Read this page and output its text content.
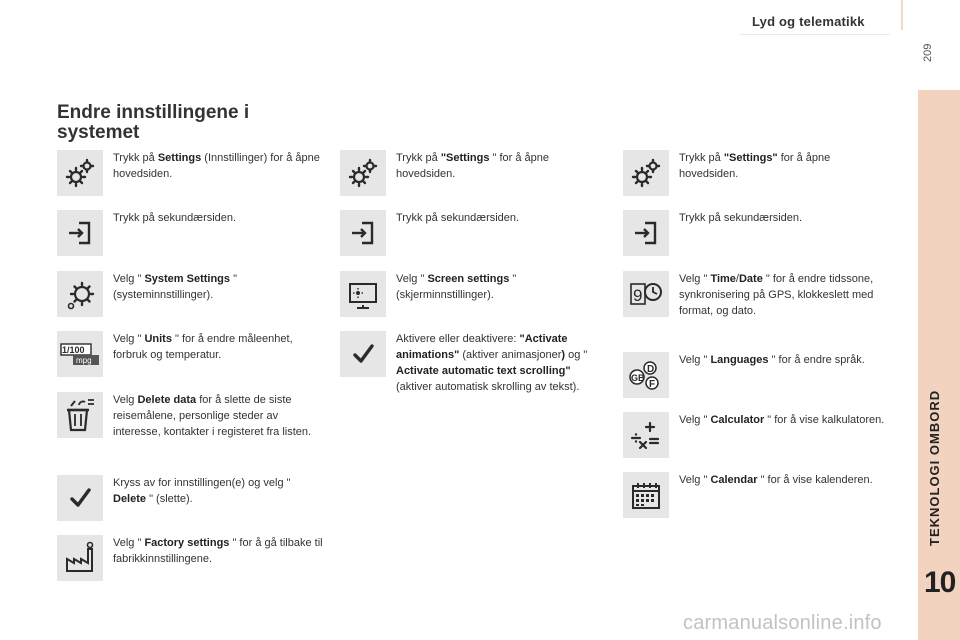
Lyd og telematikk
209
TEKNOLOGI OMBORD
10
Endre innstillingene i systemet
Trykk på Settings (Innstillinger) for å åpne hovedsiden.
Trykk på sekundærsiden.
Velg " System Settings " (systeminnstillinger).
1/100
mpg
Velg " Units " for å endre måleenhet, forbruk og temperatur.
Velg Delete data for å slette de siste reisemålene, personlige steder av interesse, kontakter i registeret fra listen.
Kryss av for innstillingen(e) og velg " Delete " (slette).
Velg " Factory settings " for å gå tilbake til fabrikkinnstillingene.
Trykk på "Settings " for å åpne hovedsiden.
Trykk på sekundærsiden.
Velg " Screen settings " (skjerminnstillinger).
Aktivere eller deaktivere: "Activate animations" (aktiver animasjoner) og " Activate automatic text scrolling" (aktiver automatisk skrolling av tekst).
Trykk på "Settings" for å åpne hovedsiden.
Trykk på sekundærsiden.
9
Velg " Time/Date " for å endre tidssone, synkronisering på GPS, klokkeslett med format, og dato.
D
GB
F
Velg " Languages " for å endre språk.
Velg " Calculator " for å vise kalkulatoren.
Velg " Calendar " for å vise kalenderen.
carmanualsonline.info
